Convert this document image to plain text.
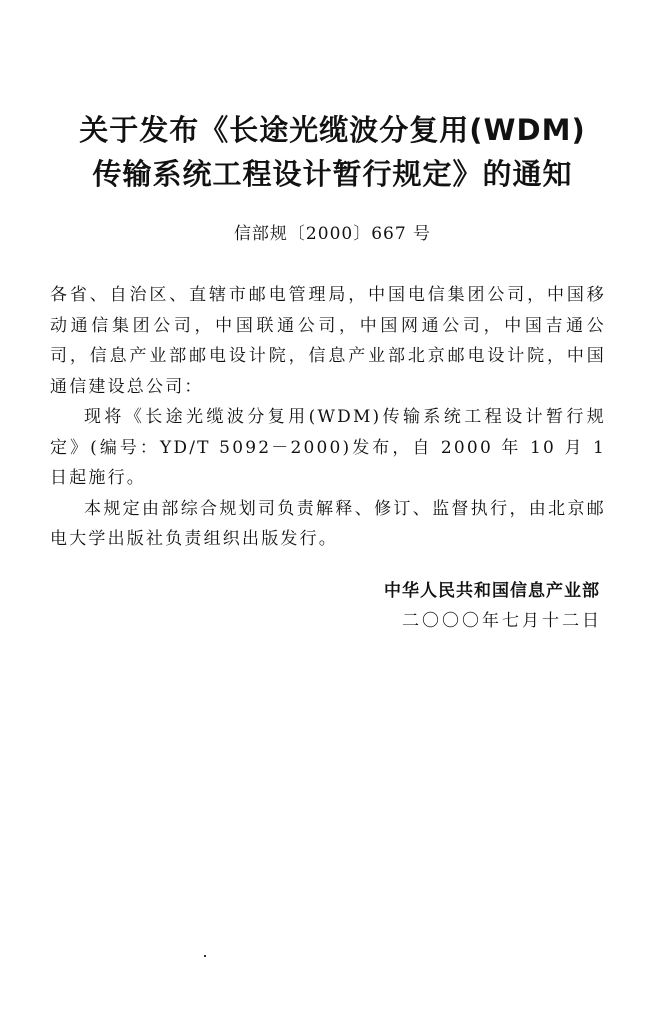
关于发布《长途光缆波分复用(WDM)
传输系统工程设计暂行规定》的通知
信部规〔2000〕667 号

各省、自治区、直辖市邮电管理局，中国电信集团公司，中国移动通信集团公司，中国联通公司，中国网通公司，中国吉通公司，信息产业部邮电设计院，信息产业部北京邮电设计院，中国通信建设总公司：

现将《长途光缆波分复用(WDM)传输系统工程设计暂行规定》(编号：YD/T 5092－2000)发布，自 2000 年 10 月 1 日起施行。

本规定由部综合规划司负责解释、修订、监督执行，由北京邮电大学出版社负责组织出版发行。

中华人民共和国信息产业部
二〇〇〇年七月十二日
